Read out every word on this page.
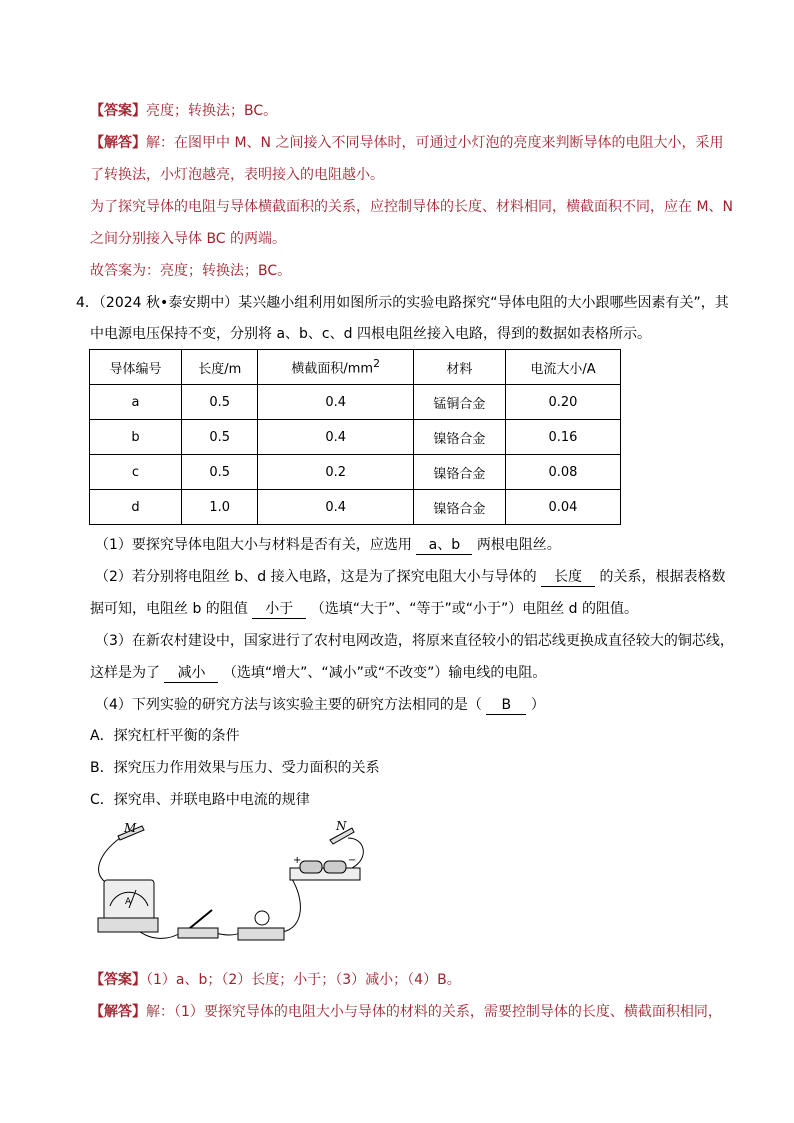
【答案】亮度；转换法；BC。
【解答】解：在图甲中 M、N 之间接入不同导体时，可通过小灯泡的亮度来判断导体的电阻大小，采用
了转换法，小灯泡越亮，表明接入的电阻越小。
为了探究导体的电阻与导体横截面积的关系，应控制导体的长度、材料相同，横截面积不同，应在 M、N
之间分别接入导体 BC 的两端。
故答案为：亮度；转换法；BC。
4．（2024 秋•泰安期中）某兴趣小组利用如图所示的实验电路探究“导体电阻的大小跟哪些因素有关”，其
中电源电压保持不变，分别将 a、b、c、d 四根电阻丝接入电路，得到的数据如表格所示。
导体编号	长度/m	横截面积$/mm^2$	材料	电流大小/A
a	0.5	0.4	锰铜合金	0.20
b	0.5	0.4	镍铬合金	0.16
c	0.5	0.2	镍铬合金	0.08
d	1.0	0.4	镍铬合金	0.04
（1）要探究导体电阻大小与材料是否有关，应选用 a、b 两根电阻丝。
（2）若分别将电阻丝 b、d 接入电路，这是为了探究电阻大小与导体的 长度 的关系，根据表格数
据可知，电阻丝 b 的阻值 小于 （选填“大于”、“等于”或“小于”）电阻丝 d 的阻值。
（3）在新农村建设中，国家进行了农村电网改造，将原来直径较小的铝芯线更换成直径较大的铜芯线，
这样是为了 减小 （选填“增大”、“减小”或“不改变”）输电线的电阻。
（4）下列实验的研究方法与该实验主要的研究方法相同的是（ B ）
A．探究杠杆平衡的条件
B．探究压力作用效果与压力、受力面积的关系
C．探究串、并联电路中电流的规律
M	N
A
+	−
【答案】（1）a、b；（2）长度；小于；（3）减小；（4）B。
【解答】解：（1）要探究导体的电阻大小与导体的材料的关系，需要控制导体的长度、横截面积相同，
